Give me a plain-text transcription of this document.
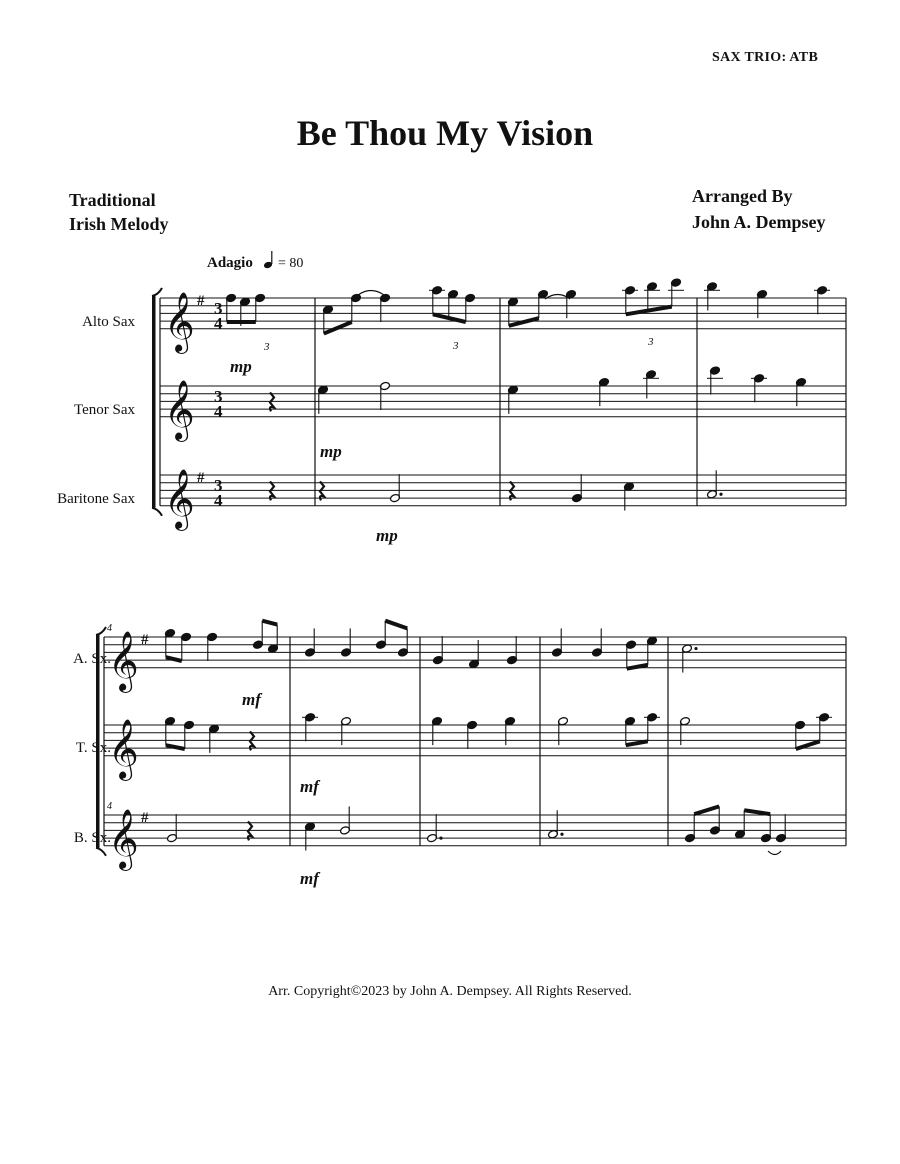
SAX TRIO: ATB
Be Thou My Vision
Traditional
Irish Melody
Arranged By
John A. Dempsey
Arr. Copyright©2023 by John A. Dempsey. All Rights Reserved.
𝄞
𝄞
𝄞
𝄞
𝄞
𝄞
#
#
#
#
3
4
3
4
3
4
Adagio = 80
Alto Sax
Tenor Sax
Baritone Sax
A. Sx.
T. Sx.
B. Sx.
4
4
mp
mp
mp
mf
mf
mf
3	3	3
